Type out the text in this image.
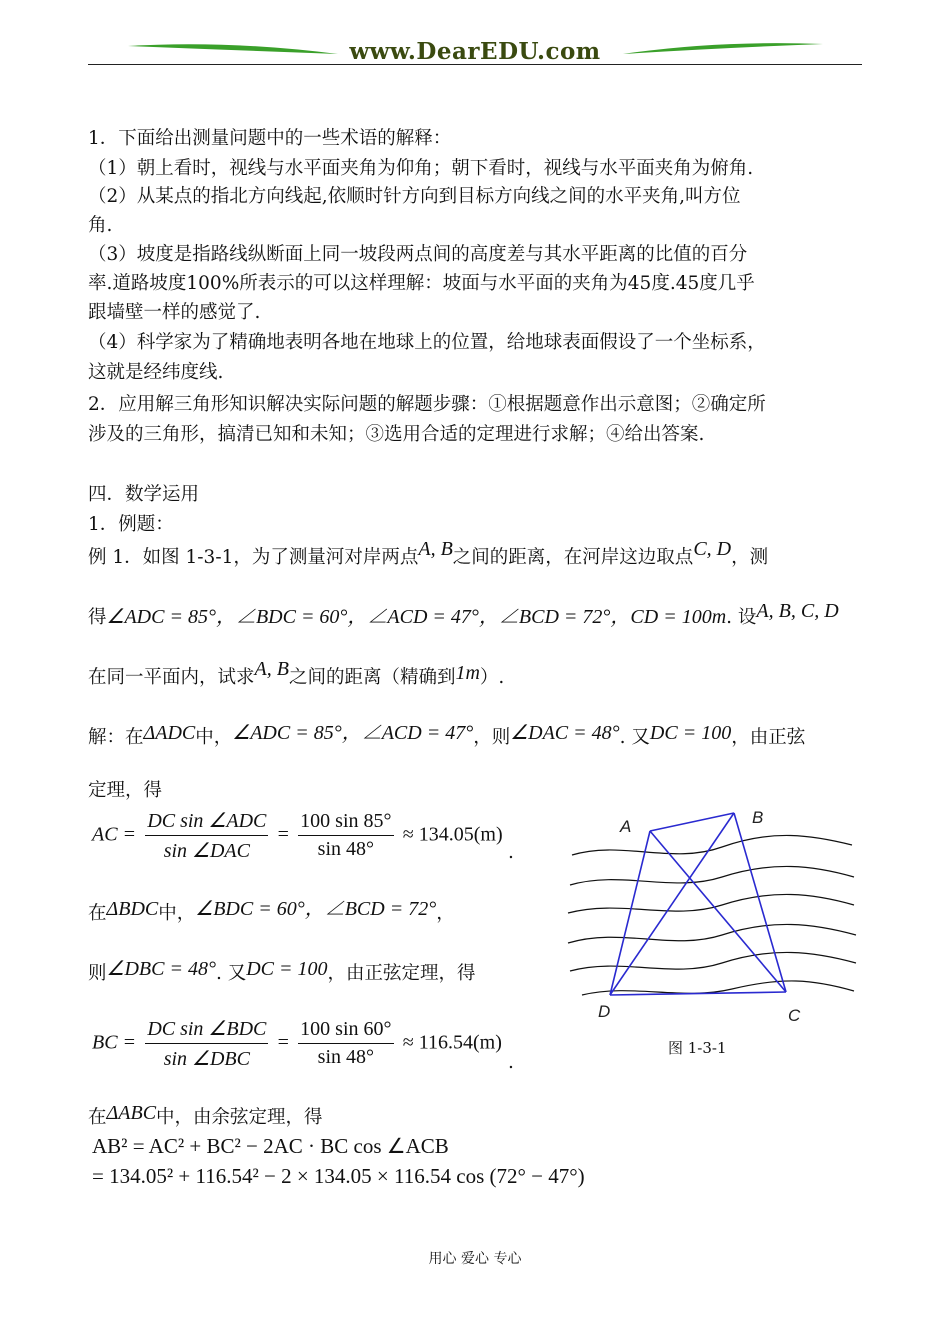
www.DearEDU.com
1．下面给出测量问题中的一些术语的解释：
（1）朝上看时，视线与水平面夹角为仰角；朝下看时，视线与水平面夹角为俯角.
（2）从某点的指北方向线起,依顺时针方向到目标方向线之间的水平夹角,叫方位
角.
（3）坡度是指路线纵断面上同一坡段两点间的高度差与其水平距离的比值的百分
率.道路坡度100%所表示的可以这样理解：坡面与水平面的夹角为45度.45度几乎
跟墙壁一样的感觉了.
（4）科学家为了精确地表明各地在地球上的位置，给地球表面假设了一个坐标系，
这就是经纬度线.
2．应用解三角形知识解决实际问题的解题步骤：①根据题意作出示意图；②确定所
涉及的三角形，搞清已知和未知；③选用合适的定理进行求解；④给出答案.
四．数学运用
1．例题：
例 1．如图 1-3-1，为了测量河对岸两点A, B之间的距离，在河岸这边取点C, D，测
得∠ADC = 85°，∠BDC = 60°，∠ACD = 47°，∠BCD = 72°，CD = 100m. 设A, B, C, D
在同一平面内，试求A, B之间的距离（精确到1m）.
解：在ΔADC中，∠ADC = 85°，∠ACD = 47°，则∠DAC = 48°. 又DC = 100，由正弦
定理，得
AC = $\frac{\text{DC sin ∠ADC}}{\text{sin ∠DAC}} = \frac{100 \sin 85^\circ}{\sin 48^\circ} \approx 134.05(m)$
.
在ΔBDC中，∠BDC = 60°，∠BCD = 72°，
则∠DBC = 48°. 又DC = 100，由正弦定理，得
BC = $\frac{\text{DC sin ∠BDC}}{\text{sin ∠DBC}} = \frac{100 \sin 60^\circ}{\sin 48^\circ} \approx 116.54(m)$
.
在ΔABC中，由余弦定理，得
AB² = AC² + BC² − 2AC · BC cos ∠ACB
= 134.05² + 116.54² − 2 × 134.05 × 116.54 cos (72° − 47°)
A	B
D	C
图 1-3-1
用心 爱心 专心
